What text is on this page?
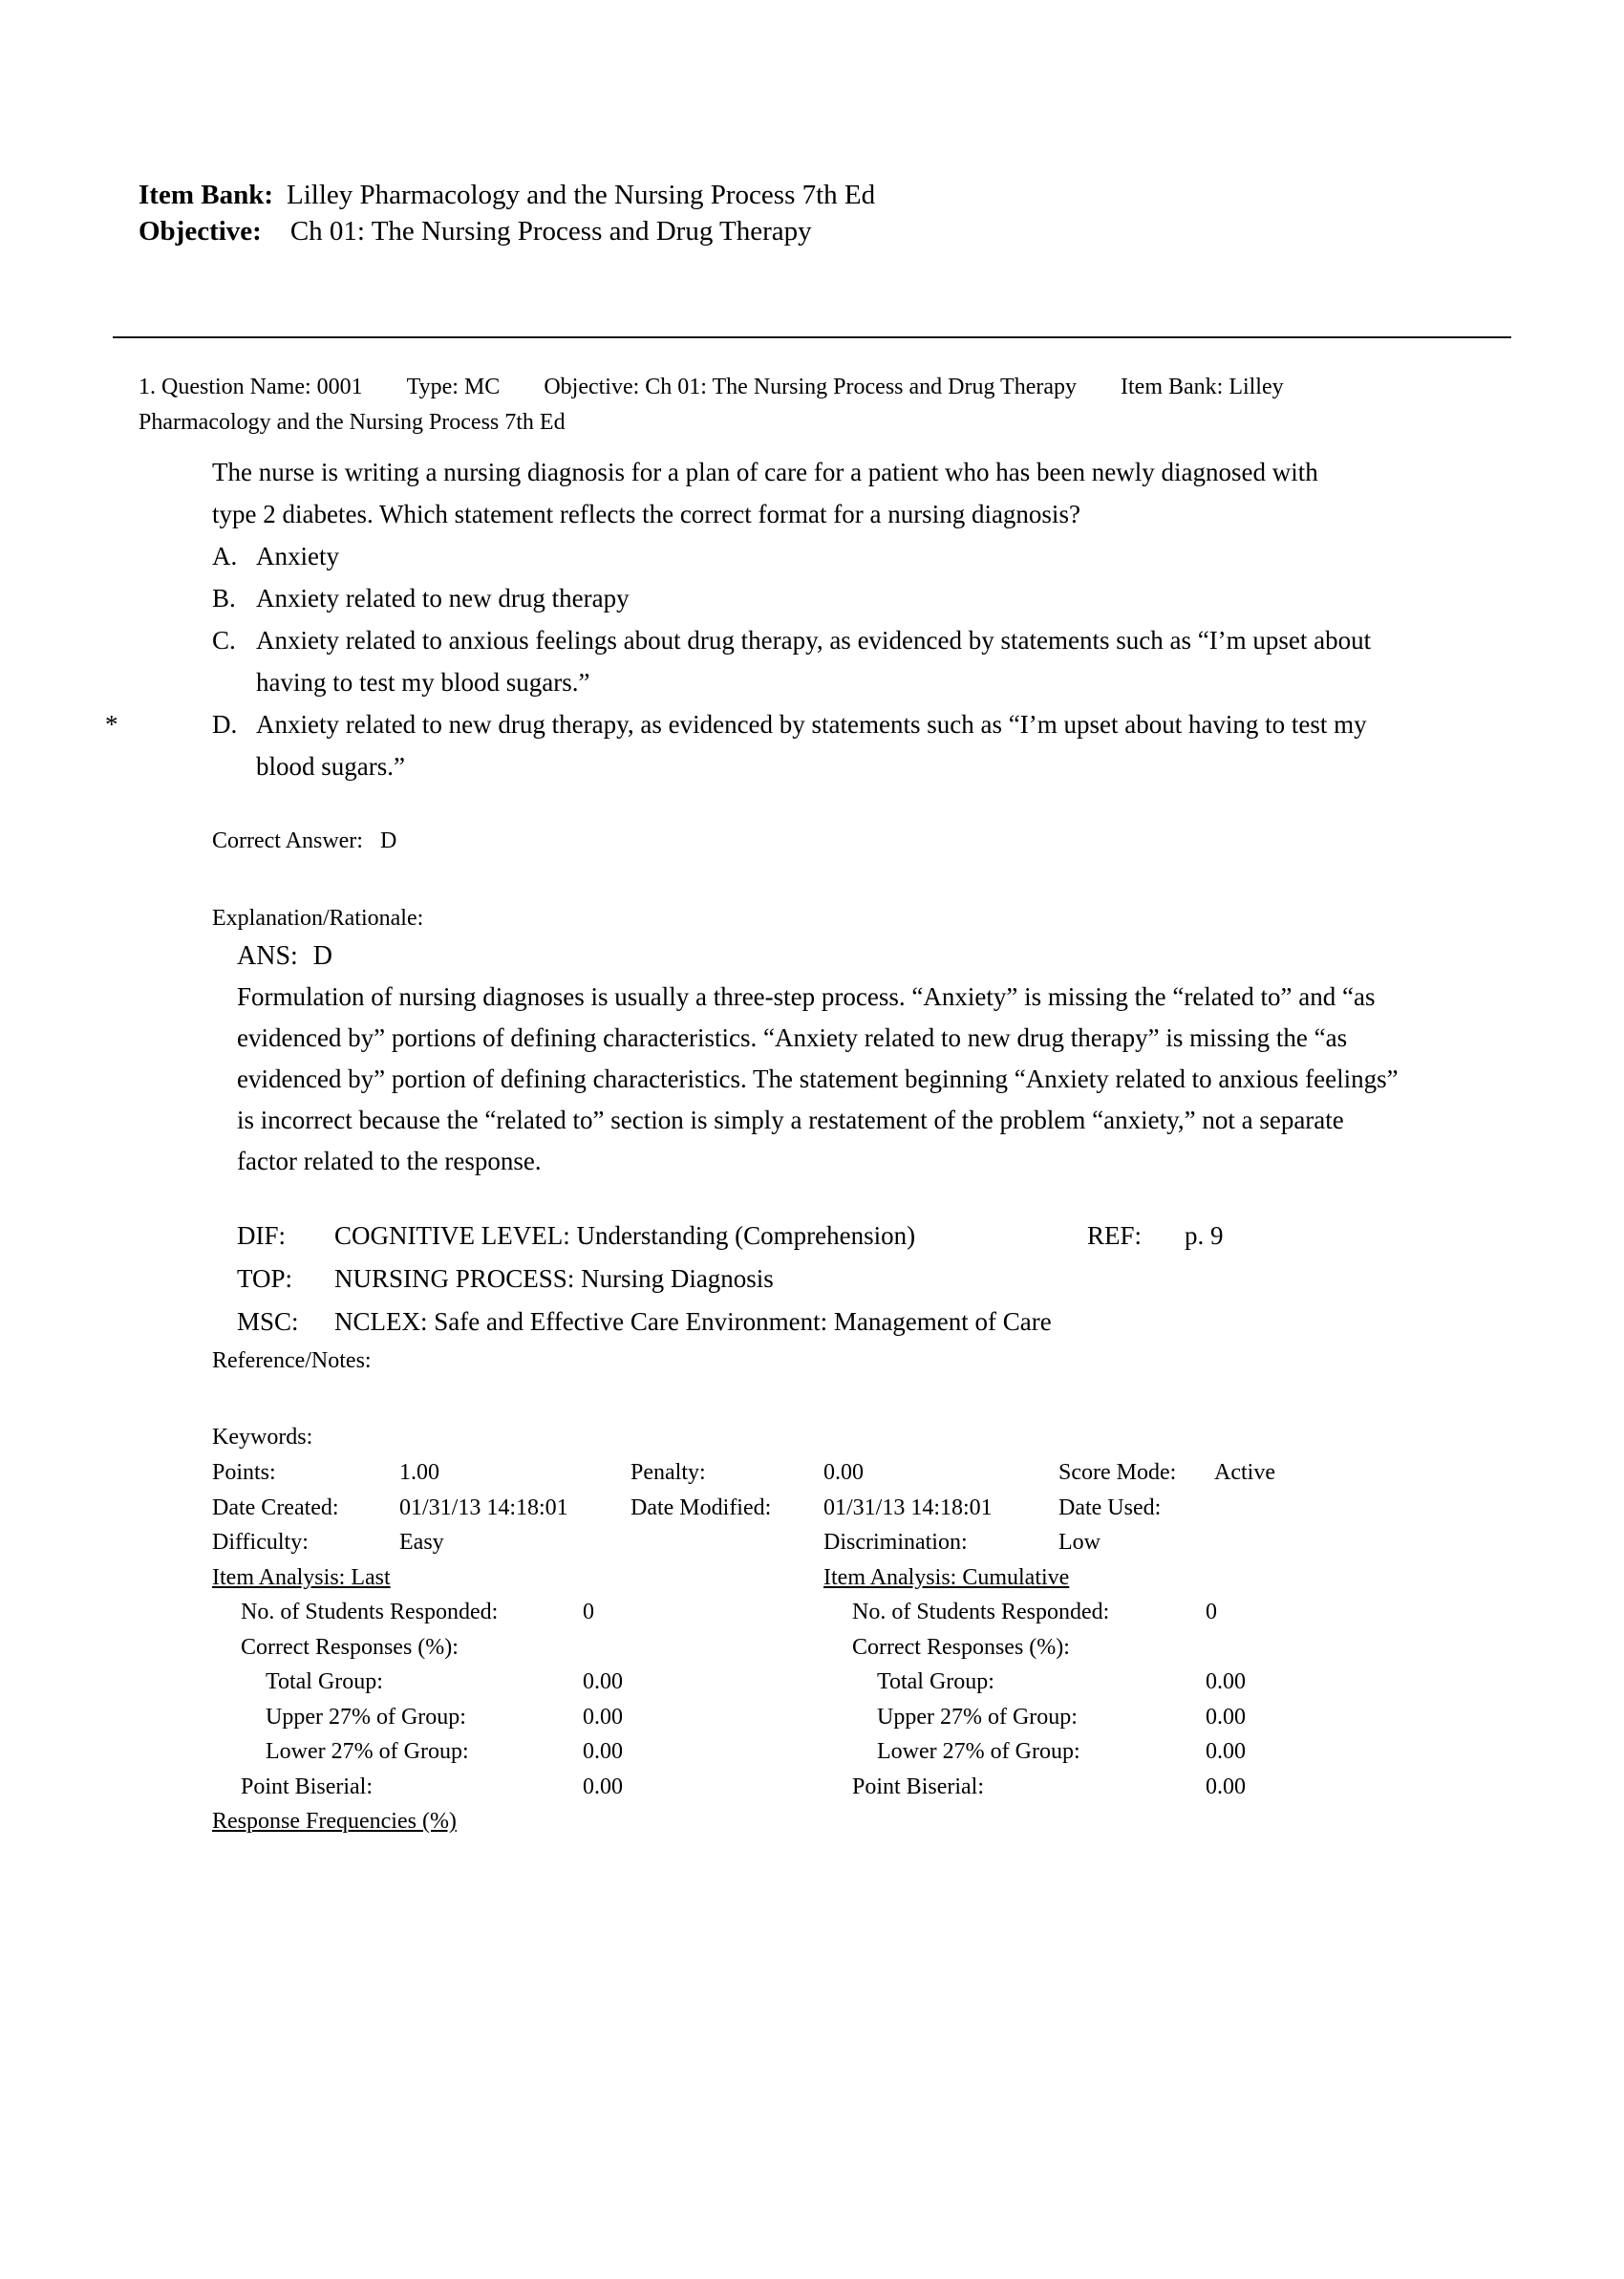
Item Bank: Lilley Pharmacology and the Nursing Process 7th Ed
Objective: Ch 01: The Nursing Process and Drug Therapy

1. Question Name: 0001 Type: MC Objective: Ch 01: The Nursing Process and Drug Therapy Item Bank: Lilley Pharmacology and the Nursing Process 7th Ed

The nurse is writing a nursing diagnosis for a plan of care for a patient who has been newly diagnosed with type 2 diabetes. Which statement reflects the correct format for a nursing diagnosis?

A. Anxiety
B. Anxiety related to new drug therapy
C. Anxiety related to anxious feelings about drug therapy, as evidenced by statements such as “I’m upset about having to test my blood sugars.”
*	D. Anxiety related to new drug therapy, as evidenced by statements such as “I’m upset about having to test my blood sugars.”
Correct Answer: D
Explanation/Rationale:
ANS: D

Formulation of nursing diagnoses is usually a three-step process. “Anxiety” is missing the “related to” and “as evidenced by” portions of defining characteristics. “Anxiety related to new drug therapy” is missing the “as evidenced by” portion of defining characteristics. The statement beginning “Anxiety related to anxious feelings” is incorrect because the “related to” section is simply a restatement of the problem “anxiety,” not a separate factor related to the response.

DIF:	COGNITIVE LEVEL: Understanding (Comprehension)	REF:	p. 9
TOP:	NURSING PROCESS: Nursing Diagnosis
MSC:	NCLEX: Safe and Effective Care Environment: Management of Care
Reference/Notes:
Keywords:
Points:	1.00	Penalty:	0.00	Score Mode:	Active
Date Created:	01/31/13 14:18:01	Date Modified:	01/31/13 14:18:01	Date Used:
Difficulty:	Easy	Discrimination:	Low
Item Analysis: Last
No. of Students Responded:	0
Correct Responses (%):
Total Group:	0.00
Upper 27% of Group:	0.00
Lower 27% of Group:	0.00
Point Biserial:	0.00
Item Analysis: Cumulative
No. of Students Responded:	0
Correct Responses (%):
Total Group:	0.00
Upper 27% of Group:	0.00
Lower 27% of Group:	0.00
Point Biserial:	0.00
Response Frequencies (%)
